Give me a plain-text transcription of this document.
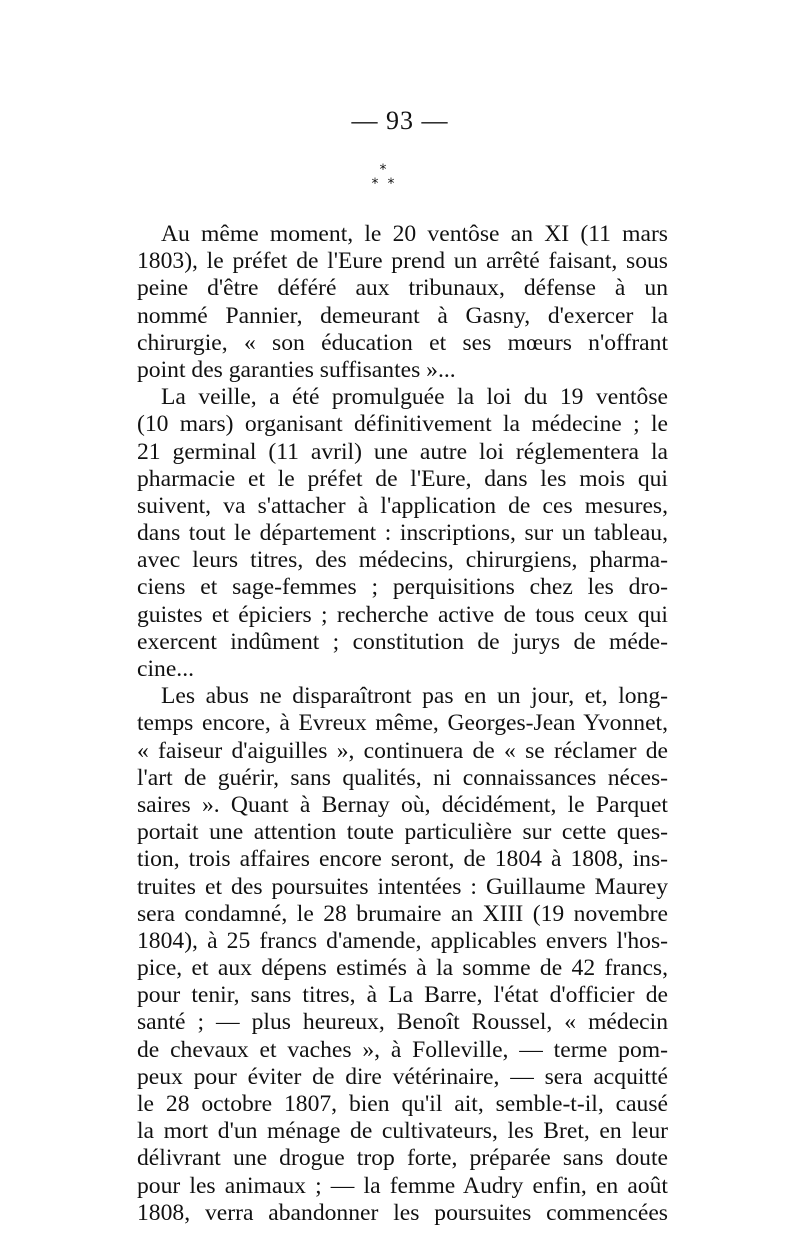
— 93 —
*
* *
Au même moment, le 20 ventôse an XI (11 mars
1803), le préfet de l'Eure prend un arrêté faisant, sous
peine d'être déféré aux tribunaux, défense à un
nommé Pannier, demeurant à Gasny, d'exercer la
chirurgie, « son éducation et ses mœurs n'offrant
point des garanties suffisantes »...
La veille, a été promulguée la loi du 19 ventôse
(10 mars) organisant définitivement la médecine ; le
21 germinal (11 avril) une autre loi réglementera la
pharmacie et le préfet de l'Eure, dans les mois qui
suivent, va s'attacher à l'application de ces mesures,
dans tout le département : inscriptions, sur un tableau,
avec leurs titres, des médecins, chirurgiens, pharma-
ciens et sage-femmes ; perquisitions chez les dro-
guistes et épiciers ; recherche active de tous ceux qui
exercent indûment ; constitution de jurys de méde-
cine...
Les abus ne disparaîtront pas en un jour, et, long-
temps encore, à Evreux même, Georges-Jean Yvonnet,
« faiseur d'aiguilles », continuera de « se réclamer de
l'art de guérir, sans qualités, ni connaissances néces-
saires ». Quant à Bernay où, décidément, le Parquet
portait une attention toute particulière sur cette ques-
tion, trois affaires encore seront, de 1804 à 1808, ins-
truites et des poursuites intentées : Guillaume Maurey
sera condamné, le 28 brumaire an XIII (19 novembre
1804), à 25 francs d'amende, applicables envers l'hos-
pice, et aux dépens estimés à la somme de 42 francs,
pour tenir, sans titres, à La Barre, l'état d'officier de
santé ; — plus heureux, Benoît Roussel, « médecin
de chevaux et vaches », à Folleville, — terme pom-
peux pour éviter de dire vétérinaire, — sera acquitté
le 28 octobre 1807, bien qu'il ait, semble-t-il, causé
la mort d'un ménage de cultivateurs, les Bret, en leur
délivrant une drogue trop forte, préparée sans doute
pour les animaux ; — la femme Audry enfin, en août
1808, verra abandonner les poursuites commencées
